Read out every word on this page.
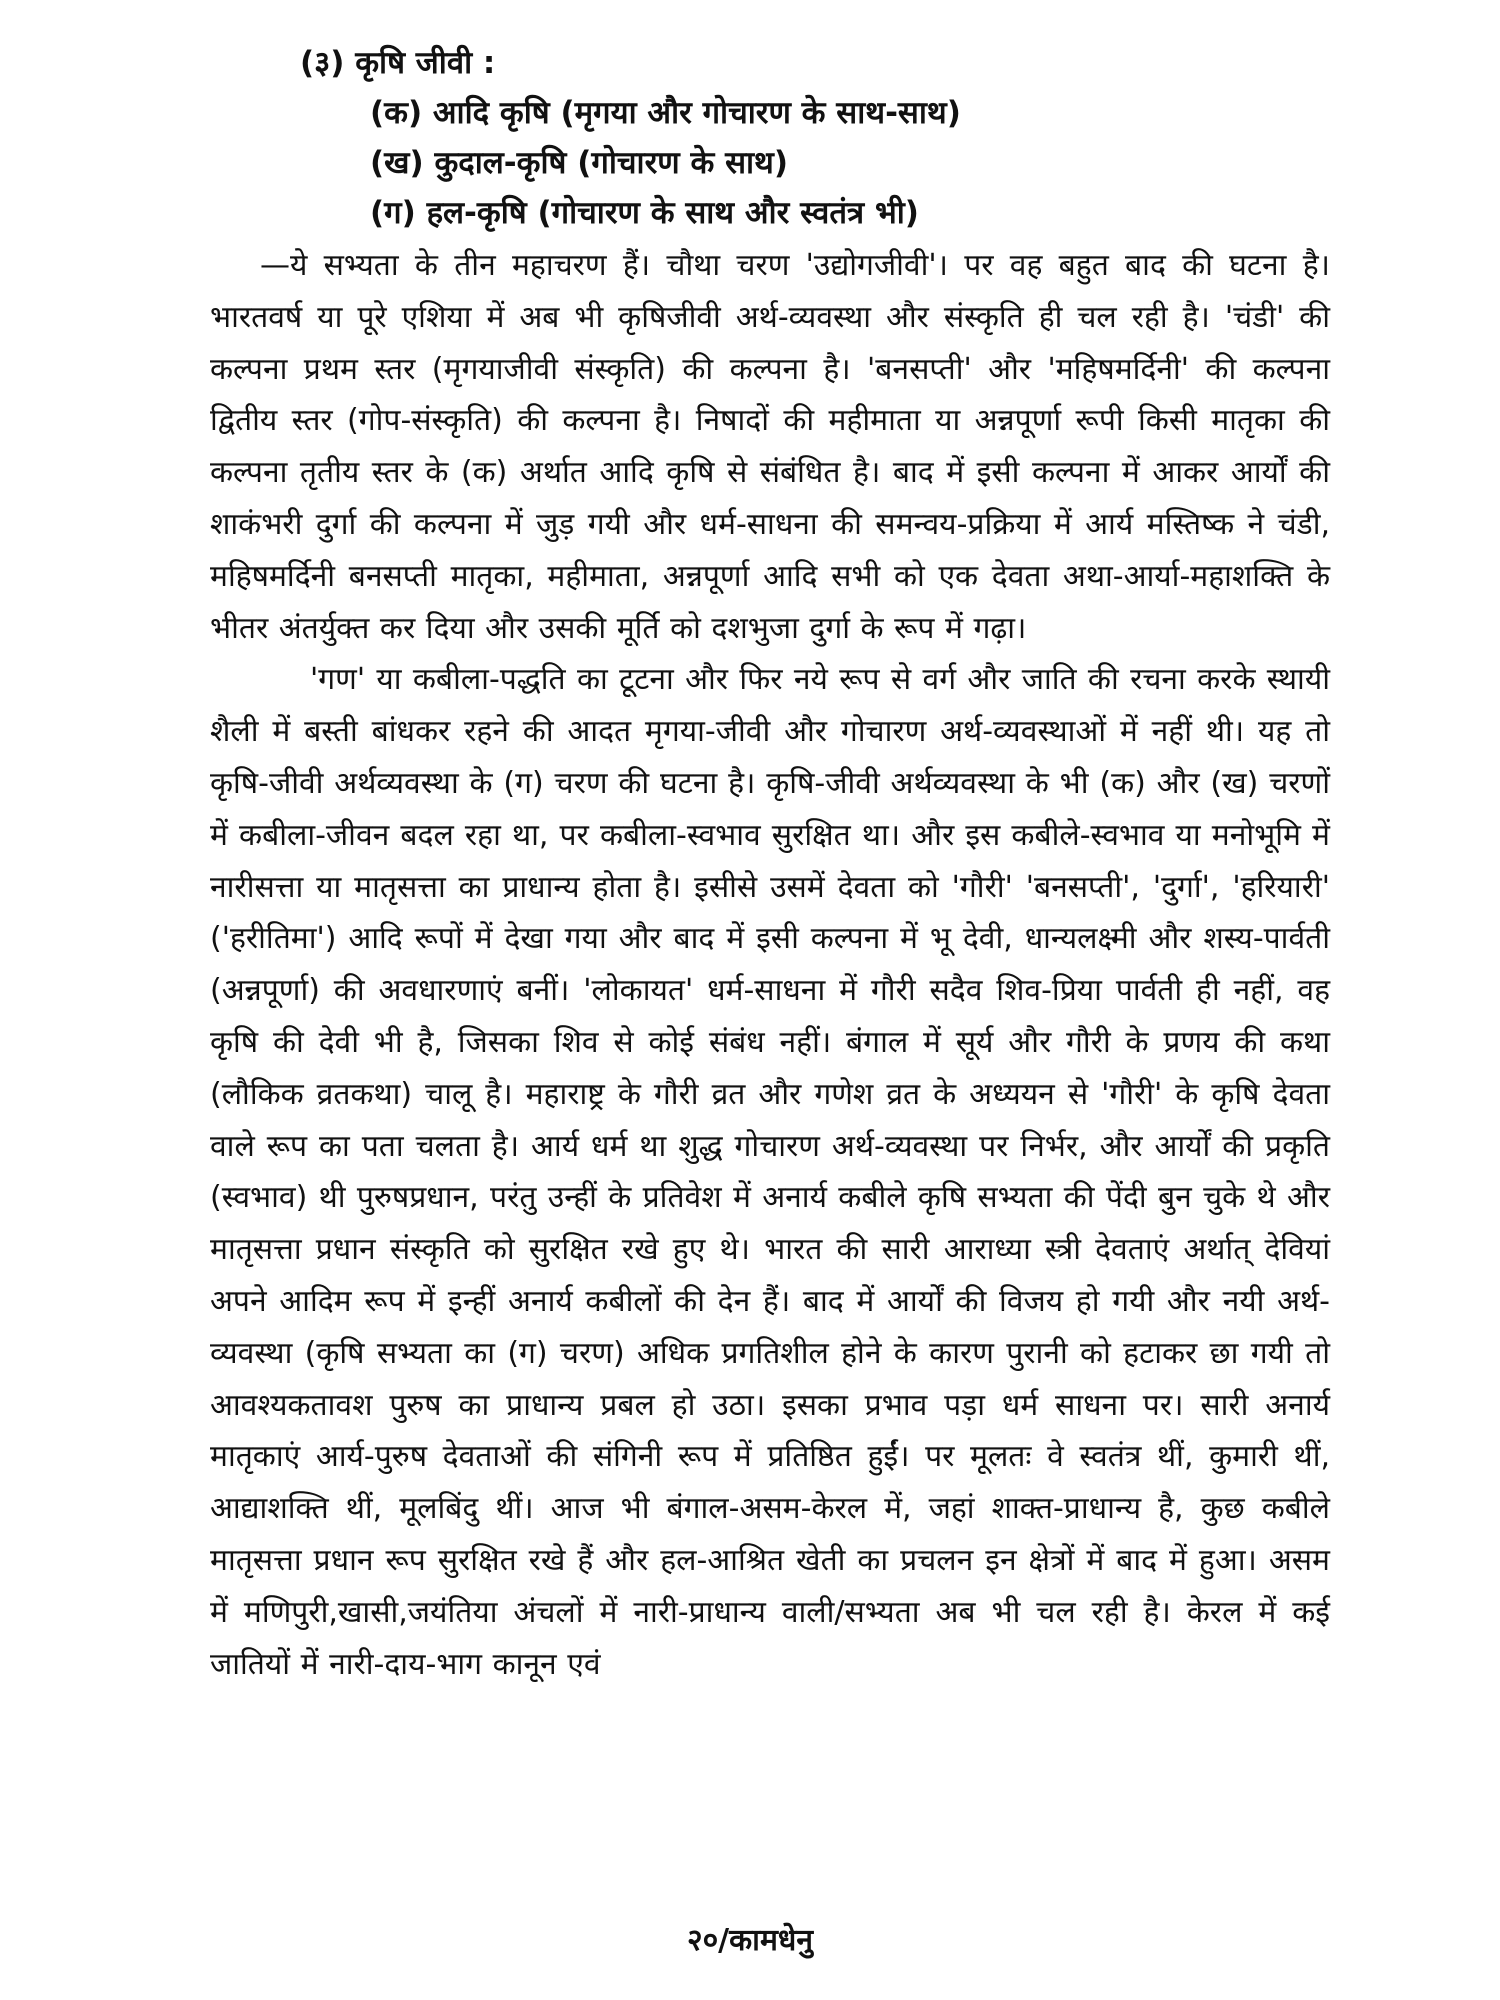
(३) कृषि जीवी :
(क) आदि कृषि (मृगया और गोचारण के साथ-साथ)
(ख) कुदाल-कृषि (गोचारण के साथ)
(ग) हल-कृषि (गोचारण के साथ और स्वतंत्र भी)

—ये सभ्यता के तीन महाचरण हैं। चौथा चरण 'उद्योगजीवी'। पर वह बहुत बाद की घटना है। भारतवर्ष या पूरे एशिया में अब भी कृषिजीवी अर्थ-व्यवस्था और संस्कृति ही चल रही है। 'चंडी' की कल्पना प्रथम स्तर (मृगयाजीवी संस्कृति) की कल्पना है। 'बनसप्ती' और 'महिषमर्दिनी' की कल्पना द्वितीय स्तर (गोप-संस्कृति) की कल्पना है। निषादों की महीमाता या अन्नपूर्णा रूपी किसी मातृका की कल्पना तृतीय स्तर के (क) अर्थात आदि कृषि से संबंधित है। बाद में इसी कल्पना में आकर आर्यों की शाकंभरी दुर्गा की कल्पना में जुड़ गयी और धर्म-साधना की समन्वय-प्रक्रिया में आर्य मस्तिष्क ने चंडी, महिषमर्दिनी बनसप्ती मातृका, महीमाता, अन्नपूर्णा आदि सभी को एक देवता अथा-आर्या-महाशक्ति के भीतर अंतर्युक्त कर दिया और उसकी मूर्ति को दशभुजा दुर्गा के रूप में गढ़ा।

'गण' या कबीला-पद्धति का टूटना और फिर नये रूप से वर्ग और जाति की रचना करके स्थायी शैली में बस्ती बांधकर रहने की आदत मृगया-जीवी और गोचारण अर्थ-व्यवस्थाओं में नहीं थी। यह तो कृषि-जीवी अर्थव्यवस्था के (ग) चरण की घटना है। कृषि-जीवी अर्थव्यवस्था के भी (क) और (ख) चरणों में कबीला-जीवन बदल रहा था, पर कबीला-स्वभाव सुरक्षित था। और इस कबीले-स्वभाव या मनोभूमि में नारीसत्ता या मातृसत्ता का प्राधान्य होता है। इसीसे उसमें देवता को 'गौरी' 'बनसप्ती', 'दुर्गा', 'हरियारी' ('हरीतिमा') आदि रूपों में देखा गया और बाद में इसी कल्पना में भू देवी, धान्यलक्ष्मी और शस्य-पार्वती (अन्नपूर्णा) की अवधारणाएं बनीं। 'लोकायत' धर्म-साधना में गौरी सदैव शिव-प्रिया पार्वती ही नहीं, वह कृषि की देवी भी है, जिसका शिव से कोई संबंध नहीं। बंगाल में सूर्य और गौरी के प्रणय की कथा (लौकिक व्रतकथा) चालू है। महाराष्ट्र के गौरी व्रत और गणेश व्रत के अध्ययन से 'गौरी' के कृषि देवता वाले रूप का पता चलता है। आर्य धर्म था शुद्ध गोचारण अर्थ-व्यवस्था पर निर्भर, और आर्यों की प्रकृति (स्वभाव) थी पुरुषप्रधान, परंतु उन्हीं के प्रतिवेश में अनार्य कबीले कृषि सभ्यता की पेंदी बुन चुके थे और मातृसत्ता प्रधान संस्कृति को सुरक्षित रखे हुए थे। भारत की सारी आराध्या स्त्री देवताएं अर्थात् देवियां अपने आदिम रूप में इन्हीं अनार्य कबीलों की देन हैं। बाद में आर्यों की विजय हो गयी और नयी अर्थ-व्यवस्था (कृषि सभ्यता का (ग) चरण) अधिक प्रगतिशील होने के कारण पुरानी को हटाकर छा गयी तो आवश्यकतावश पुरुष का प्राधान्य प्रबल हो उठा। इसका प्रभाव पड़ा धर्म साधना पर। सारी अनार्य मातृकाएं आर्य-पुरुष देवताओं की संगिनी रूप में प्रतिष्ठित हुईं। पर मूलतः वे स्वतंत्र थीं, कुमारी थीं, आद्याशक्ति थीं, मूलबिंदु थीं। आज भी बंगाल-असम-केरल में, जहां शाक्त-प्राधान्य है, कुछ कबीले मातृसत्ता प्रधान रूप सुरक्षित रखे हैं और हल-आश्रित खेती का प्रचलन इन क्षेत्रों में बाद में हुआ। असम में मणिपुरी,खासी,जयंतिया अंचलों में नारी-प्राधान्य वाली/सभ्यता अब भी चल रही है। केरल में कई जातियों में नारी-दाय-भाग कानून एवं

२०/कामधेनु
